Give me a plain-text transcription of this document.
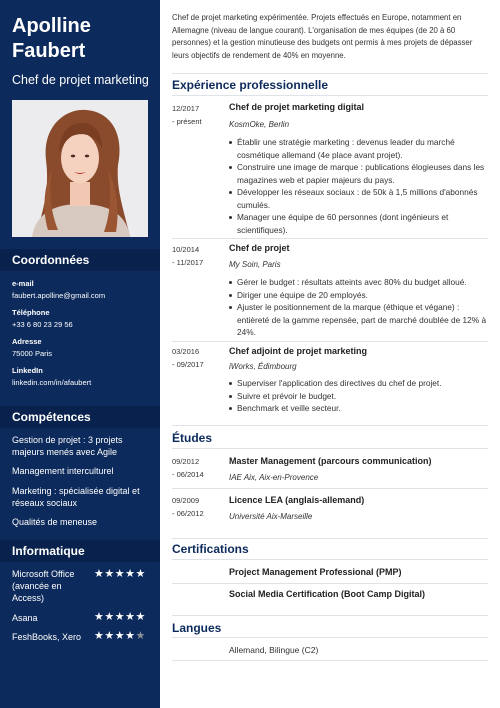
Apolline
Faubert
Chef de projet marketing
Coordonnées
e-mail
faubert.apolline@gmail.com
Téléphone
+33 6 80 23 29 56
Adresse
75000 Paris
LinkedIn
linkedin.com/in/afaubert
Compétences
Gestion de projet : 3 projets majeurs menés avec Agile
Management interculturel
Marketing : spécialisée digital et réseaux sociaux
Qualités de meneuse
Informatique
Microsoft Office (avancée en Access)
★★★★★
Asana	★★★★★
FeshBooks, Xero	★★★★★
Chef de projet marketing expérimentée. Projets effectués en Europe, notamment en Allemagne (niveau de langue courant). L'organisation de mes équipes (de 20 à 60 personnes) et la gestion minutieuse des budgets ont permis à mes projets de dépasser leurs objectifs de rendement de 40% en moyenne.
Expérience professionnelle
12/2017
- présent
Chef de projet marketing digital
KosmOke, Berlin
Établir une stratégie marketing : devenus leader du marché cosmétique allemand (4e place avant projet).
Construire une image de marque : publications élogieuses dans les magazines web et papier majeurs du pays.
Développer les réseaux sociaux : de 50k à 1,5 millions d'abonnés cumulés.
Manager une équipe de 60 personnes (dont ingénieurs et scientifiques).
10/2014
- 11/2017
Chef de projet
My Soin, Paris
Gérer le budget : résultats atteints avec 80% du budget alloué.
Diriger une équipe de 20 employés.
Ajuster le positionnement de la marque (éthique et végane) : entièreté de la gamme repensée, part de marché doublée de 12% à 24%.
03/2016
- 09/2017
Chef adjoint de projet marketing
iWorks, Édimbourg
Superviser l'application des directives du chef de projet.
Suivre et prévoir le budget.
Benchmark et veille secteur.
Études
09/2012
- 06/2014
Master Management (parcours communication)
IAE Aix, Aix-en-Provence
09/2009
- 06/2012
Licence LEA (anglais-allemand)
Université Aix-Marseille
Certifications
Project Management Professional (PMP)
Social Media Certification (Boot Camp Digital)
Langues
Allemand, Bilingue (C2)
